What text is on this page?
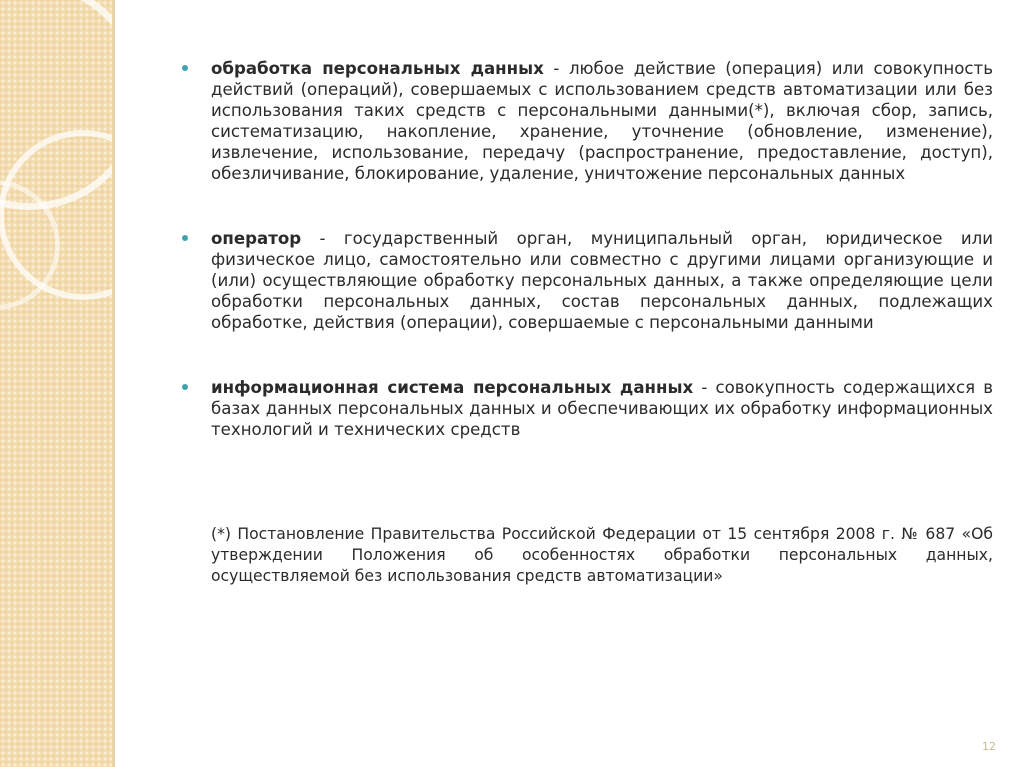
обработка персональных данных - любое действие (операция) или совокупность действий (операций), совершаемых с использованием средств автоматизации или без использования таких средств с персональными данными(*), включая сбор, запись, систематизацию, накопление, хранение, уточнение (обновление, изменение), извлечение, использование, передачу (распространение, предоставление, доступ), обезличивание, блокирование, удаление, уничтожение персональных данных
оператор - государственный орган, муниципальный орган, юридическое или физическое лицо, самостоятельно или совместно с другими лицами организующие и (или) осуществляющие обработку персональных данных, а также определяющие цели обработки персональных данных, состав персональных данных, подлежащих обработке, действия (операции), совершаемые с персональными данными
информационная система персональных данных - совокупность содержащихся в базах данных персональных данных и обеспечивающих их обработку информационных технологий и технических средств
(*) Постановление Правительства Российской Федерации от 15 сентября 2008 г. № 687 «Об утверждении Положения об особенностях обработки персональных данных, осуществляемой без использования средств автоматизации»
12
